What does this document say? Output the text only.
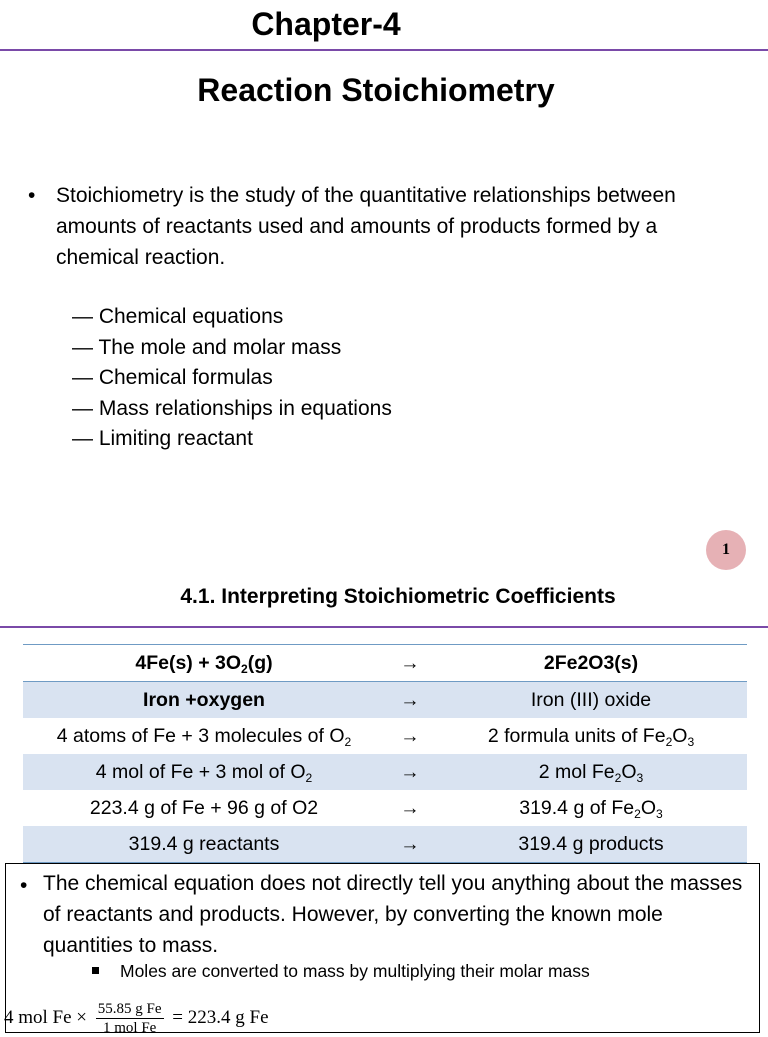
Chapter-4
Reaction Stoichiometry
• Stoichiometry is the study of the quantitative relationships between amounts of reactants used and amounts of products formed by a chemical reaction.
— Chemical equations
— The mole and molar mass
— Chemical formulas
— Mass relationships in equations
— Limiting reactant
1
4.1. Interpreting Stoichiometric Coefficients
$4Fe(s) + 3O_2(g)$	→	2Fe2O3(s)
Iron +oxygen	→	Iron (III) oxide
4 atoms of Fe + 3 molecules of $O_2$	→	2 formula units of $Fe_2O_3$
4 mol of Fe + 3 mol of $O_2$	→	2 mol $Fe_2O_3$
223.4 g of Fe + 96 g of O2	→	319.4 g of $Fe_2O_3$
319.4 g reactants	→	319.4 g products
• The chemical equation does not directly tell you anything about the masses of reactants and products. However, by converting the known mole quantities to mass.
Moles are converted to mass by multiplying their molar mass
4 mol $Fe \times \frac{\text{55.85 g Fe}}{\text{1 mol Fe}} = 223.4$ g Fe
